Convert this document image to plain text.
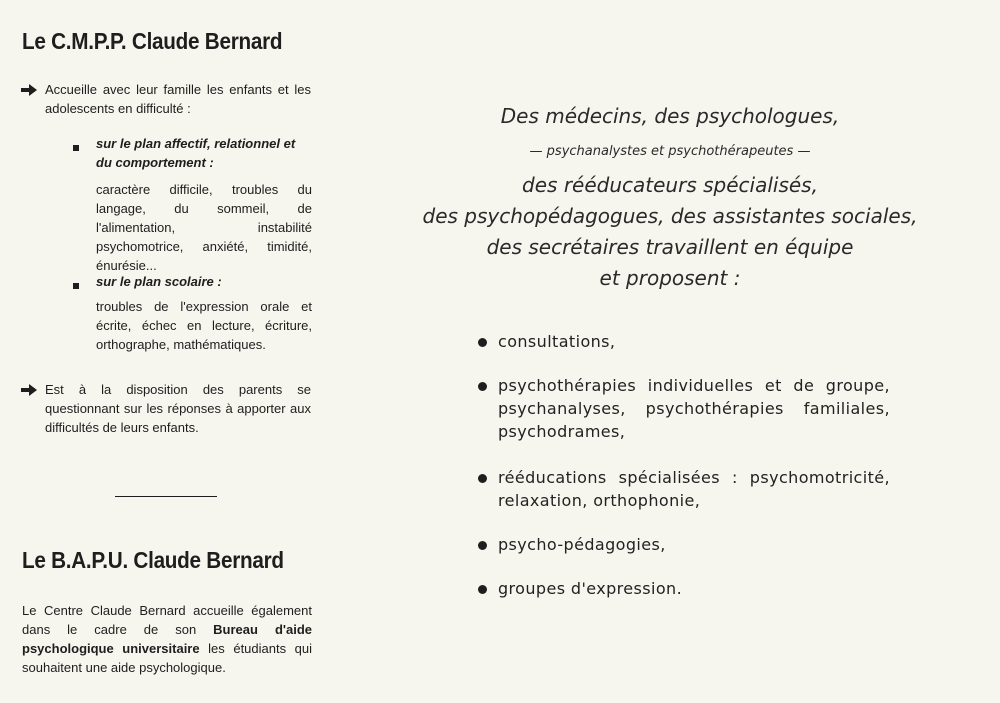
Le C.M.P.P. Claude Bernard

Accueille avec leur famille les enfants et les adolescents en difficulté :

sur le plan affectif, relationnel et du comportement :

caractère difficile, troubles du langage, du sommeil, de l'alimentation, instabilité psychomotrice, anxiété, timidité, énurésie...

sur le plan scolaire :

troubles de l'expression orale et écrite, échec en lecture, écriture, orthographe, mathématiques.

Est à la disposition des parents se questionnant sur les réponses à apporter aux difficultés de leurs enfants.

Le B.A.P.U. Claude Bernard

Le Centre Claude Bernard accueille également dans le cadre de son Bureau d'aide psychologique universitaire les étudiants qui souhaitent une aide psychologique.

Des médecins, des psychologues,

— psychanalystes et psychothérapeutes —

des rééducateurs spécialisés,

des psychopédagogues, des assistantes sociales,

des secrétaires travaillent en équipe

et proposent :

consultations,

psychothérapies individuelles et de groupe, psychanalyses, psychothérapies familiales, psychodrames,

rééducations spécialisées : psychomotricité, relaxation, orthophonie,

psycho-pédagogies,

groupes d'expression.
